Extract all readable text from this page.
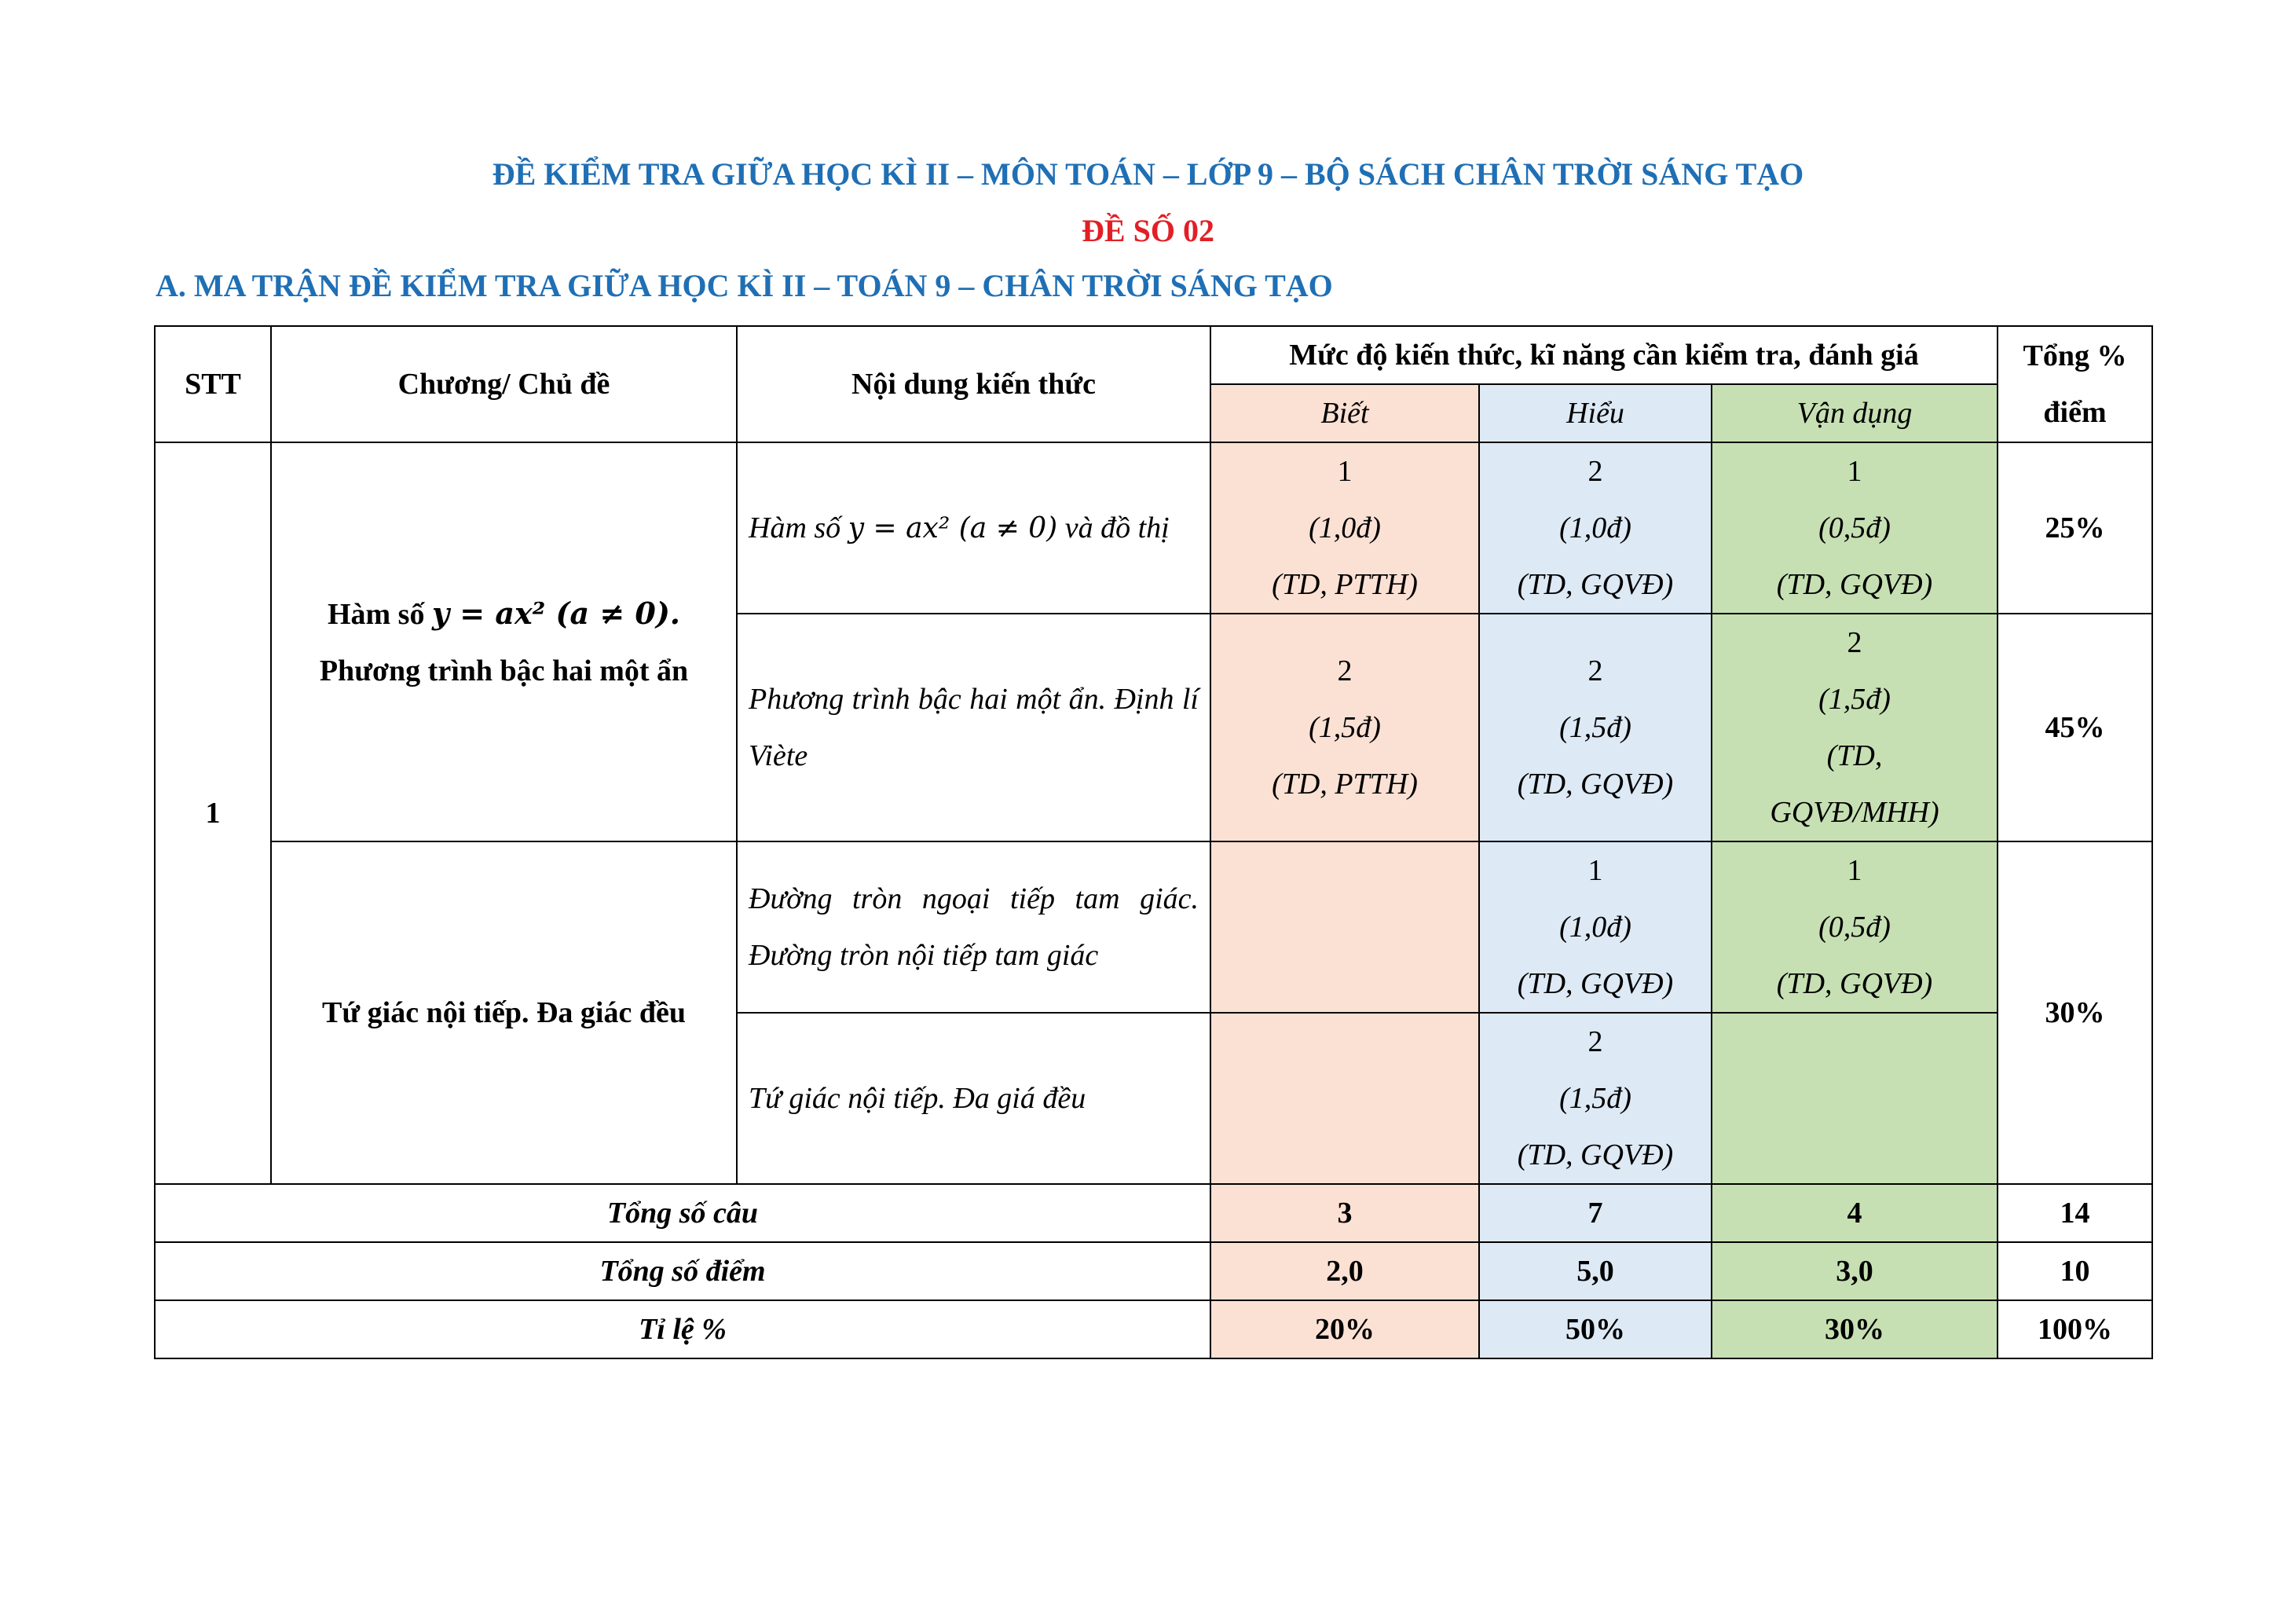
ĐỀ KIỂM TRA GIỮA HỌC KÌ II – MÔN TOÁN – LỚP 9 – BỘ SÁCH CHÂN TRỜI SÁNG TẠO
ĐỀ SỐ 02
A. MA TRẬN ĐỀ KIỂM TRA GIỮA HỌC KÌ II – TOÁN 9 – CHÂN TRỜI SÁNG TẠO
STT	Chương/ Chủ đề	Nội dung kiến thức	Mức độ kiến thức, kĩ năng cần kiểm tra, đánh giá			Tổng %
điểm

			Biết	Hiểu	Vận dụng	
1	Hàm số y = ax² (a ≠ 0).
Phương trình bậc hai một ẩn	Hàm số y = ax² (a ≠ 0) và đồ thị	1
(1,0đ)
(TD, PTTH)	2
(1,0đ)
(TD, GQVĐ)	1
(0,5đ)
(TD, GQVĐ)	25%
		Phương trình bậc hai một ẩn. Định lí Viète	2
(1,5đ)
(TD, PTTH)	2
(1,5đ)
(TD, GQVĐ)	2
(1,5đ)
(TD,
GQVĐ/MHH)	45%
	Tứ giác nội tiếp. Đa giác đều	Đường tròn ngoại tiếp tam giác. Đường tròn nội tiếp tam giác		1
(1,0đ)
(TD, GQVĐ)	1
(0,5đ)
(TD, GQVĐ)	30%
		Tứ giác nội tiếp. Đa giá đều		2
(1,5đ)
(TD, GQVĐ)		

Tổng số câu			3	7	4	14
Tổng số điểm			2,0	5,0	3,0	10
Tỉ lệ %			20%	50%	30%	100%
